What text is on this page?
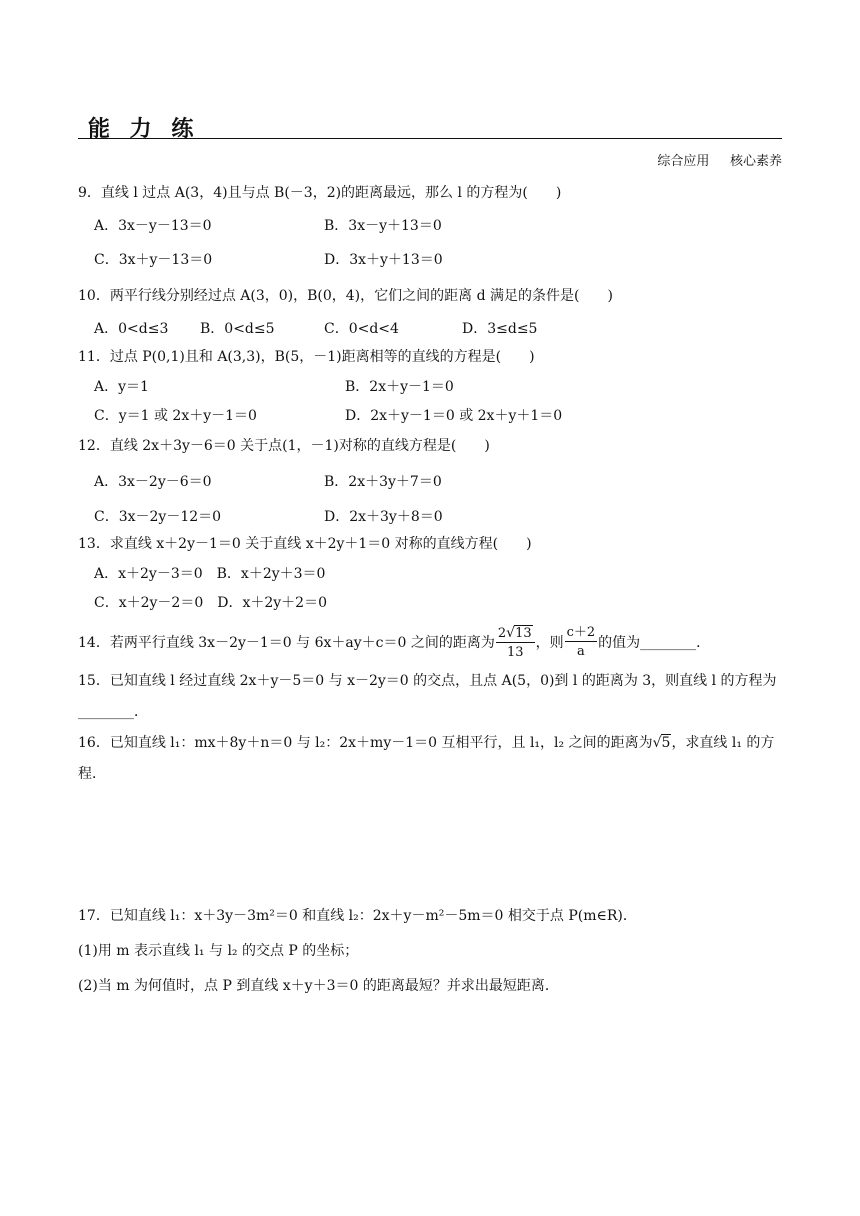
能 力 练
综合应用     核心素养
9．直线 l 过点 A(3，4)且与点 B(－3，2)的距离最远，那么 l 的方程为(　　)
A．3x－y－13＝0	B．3x－y＋13＝0
C．3x＋y－13＝0	D．3x＋y＋13＝0
10．两平行线分别经过点 A(3，0)，B(0，4)，它们之间的距离 d 满足的条件是(　　)
A．0<d≤3 B．0<d≤5	C．0<d<4	D．3≤d≤5
11．过点 P(0,1)且和 A(3,3)，B(5，－1)距离相等的直线的方程是(　　)
A．y＝1	B．2x＋y－1＝0
C．y＝1 或 2x＋y－1＝0	D．2x＋y－1＝0 或 2x＋y＋1＝0
12．直线 2x＋3y－6＝0 关于点(1，－1)对称的直线方程是(　　)
A．3x－2y－6＝0	B．2x＋3y＋7＝0
C．3x－2y－12＝0	D．2x＋3y＋8＝0
13．求直线 x＋2y－1＝0 关于直线 x＋2y＋1＝0 对称的直线方程(　　)
A．x＋2y－3＝0　B．x＋2y＋3＝0
C．x＋2y－2＝0　D．x＋2y＋2＝0
14．若两平行直线 3x－2y－1＝0 与 6x＋ay＋c＝0 之间的距离为 $\frac{2√13}{13}$ ，则 $\frac{c+2}{a}$ 的值为________．
15．已知直线 l 经过直线 2x＋y－5＝0 与 x－2y＝0 的交点，且点 A(5，0)到 l 的距离为 3，则直线 l 的方程为________．
16．已知直线 l₁：mx＋8y＋n＝0 与 l₂：2x＋my－1＝0 互相平行，且 l₁，l₂ 之间的距离为√5，求直线 l₁ 的方程．
17．已知直线 l₁：x＋3y－3m²＝0 和直线 l₂：2x＋y－m²－5m＝0 相交于点 P(m∈R)．
(1)用 m 表示直线 l₁ 与 l₂ 的交点 P 的坐标；
(2)当 m 为何值时，点 P 到直线 x＋y＋3＝0 的距离最短？并求出最短距离．
